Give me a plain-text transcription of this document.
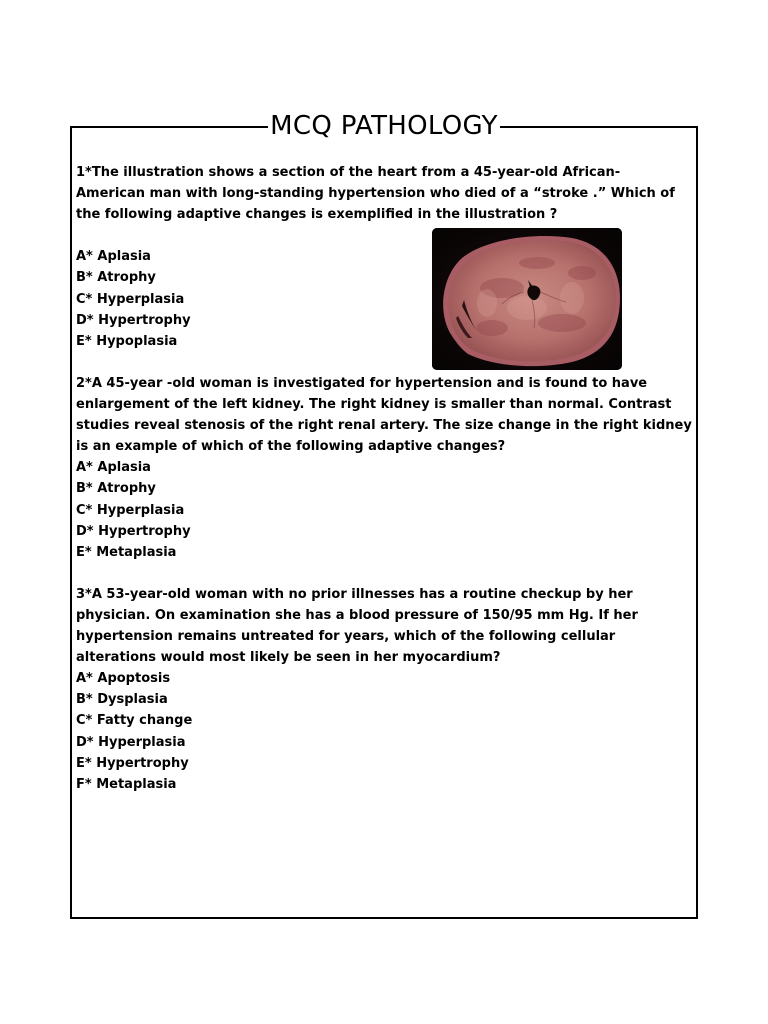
MCQ PATHOLOGY

1*The illustration shows a section of the heart from a 45-year-old African-American man with long-standing hypertension who died of a “stroke .” Which of the following adaptive changes is exemplified in the illustration ?

A* Aplasia
B* Atrophy
C* Hyperplasia
D* Hypertrophy
E* Hypoplasia

2*A 45-year -old woman is investigated for hypertension and is found to have enlargement of the left kidney. The right kidney is smaller than normal. Contrast studies reveal stenosis of the right renal artery. The size change in the right kidney is an example of which of the following adaptive changes?

A* Aplasia
B* Atrophy
C* Hyperplasia
D* Hypertrophy
E* Metaplasia

3*A 53-year-old woman with no prior illnesses has a routine checkup by her physician. On examination she has a blood pressure of 150/95 mm Hg. If her hypertension remains untreated for years, which of the following cellular alterations would most likely be seen in her myocardium?

A* Apoptosis
B* Dysplasia
C* Fatty change
D* Hyperplasia
E* Hypertrophy
F* Metaplasia
